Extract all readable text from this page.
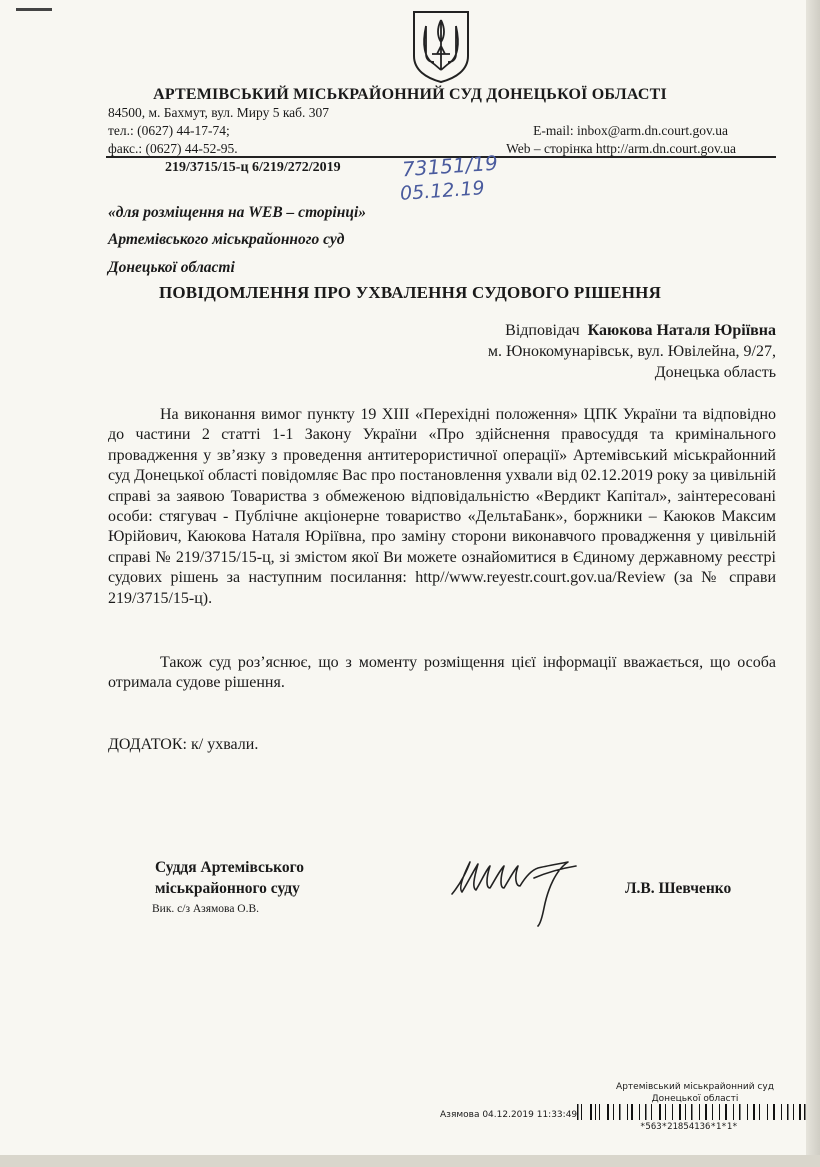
АРТЕМІВСЬКИЙ МІСЬКРАЙОННИЙ СУД ДОНЕЦЬКОЇ ОБЛАСТІ
84500, м. Бахмут, вул. Миру 5 каб. 307
тел.: (0627) 44-17-74;
факс.: (0627) 44-52-95.
E-mail: inbox@arm.dn.court.gov.ua
Web – сторінка http://arm.dn.court.gov.ua
219/3715/15-ц 6/219/272/2019	73151/19
05.12.19
«для розміщення на WEB – сторінці»
Артемівського міськрайонного суд
Донецької області
ПОВІДОМЛЕННЯ ПРО УХВАЛЕННЯ СУДОВОГО РІШЕННЯ
Відповідач Каюкова Наталя Юріївна
м. Юнокомунарівськ, вул. Ювілейна, 9/27,
Донецька область

На виконання вимог пункту 19 XIII «Перехідні положення» ЦПК України та відповідно до частини 2 статті 1-1 Закону України «Про здійснення правосуддя та кримінального провадження у зв’язку з проведення антитерористичної операції» Артемівський міськрайонний суд Донецької області повідомляє Вас про постановлення ухвали від 02.12.2019 року за цивільній справі за заявою Товариства з обмеженою відповідальністю «Вердикт Капітал», заінтересовані особи: стягувач - Публічне акціонерне товариство «ДельтаБанк», боржники – Каюков Максим Юрійович, Каюкова Наталя Юріївна, про заміну сторони виконавчого провадження у цивільній справі № 219/3715/15-ц, зі змістом якої Ви можете ознайомитися в Єдиному державному реєстрі судових рішень за наступним посилання: http//www.reyestr.court.gov.ua/Review (за № справи 219/3715/15-ц).

Також суд роз’яснює, що з моменту розміщення цієї інформації вважається, що особа отримала судове рішення.

ДОДАТОК: к/ ухвали.
Суддя Артемівського
міськрайонного суду	Л.В. Шевченко
Вик. с/з Азямова О.В.
Артемівський міськрайонний суд
Донецької області
Азямова 04.12.2019 11:33:49
*563*21854136*1*1*
